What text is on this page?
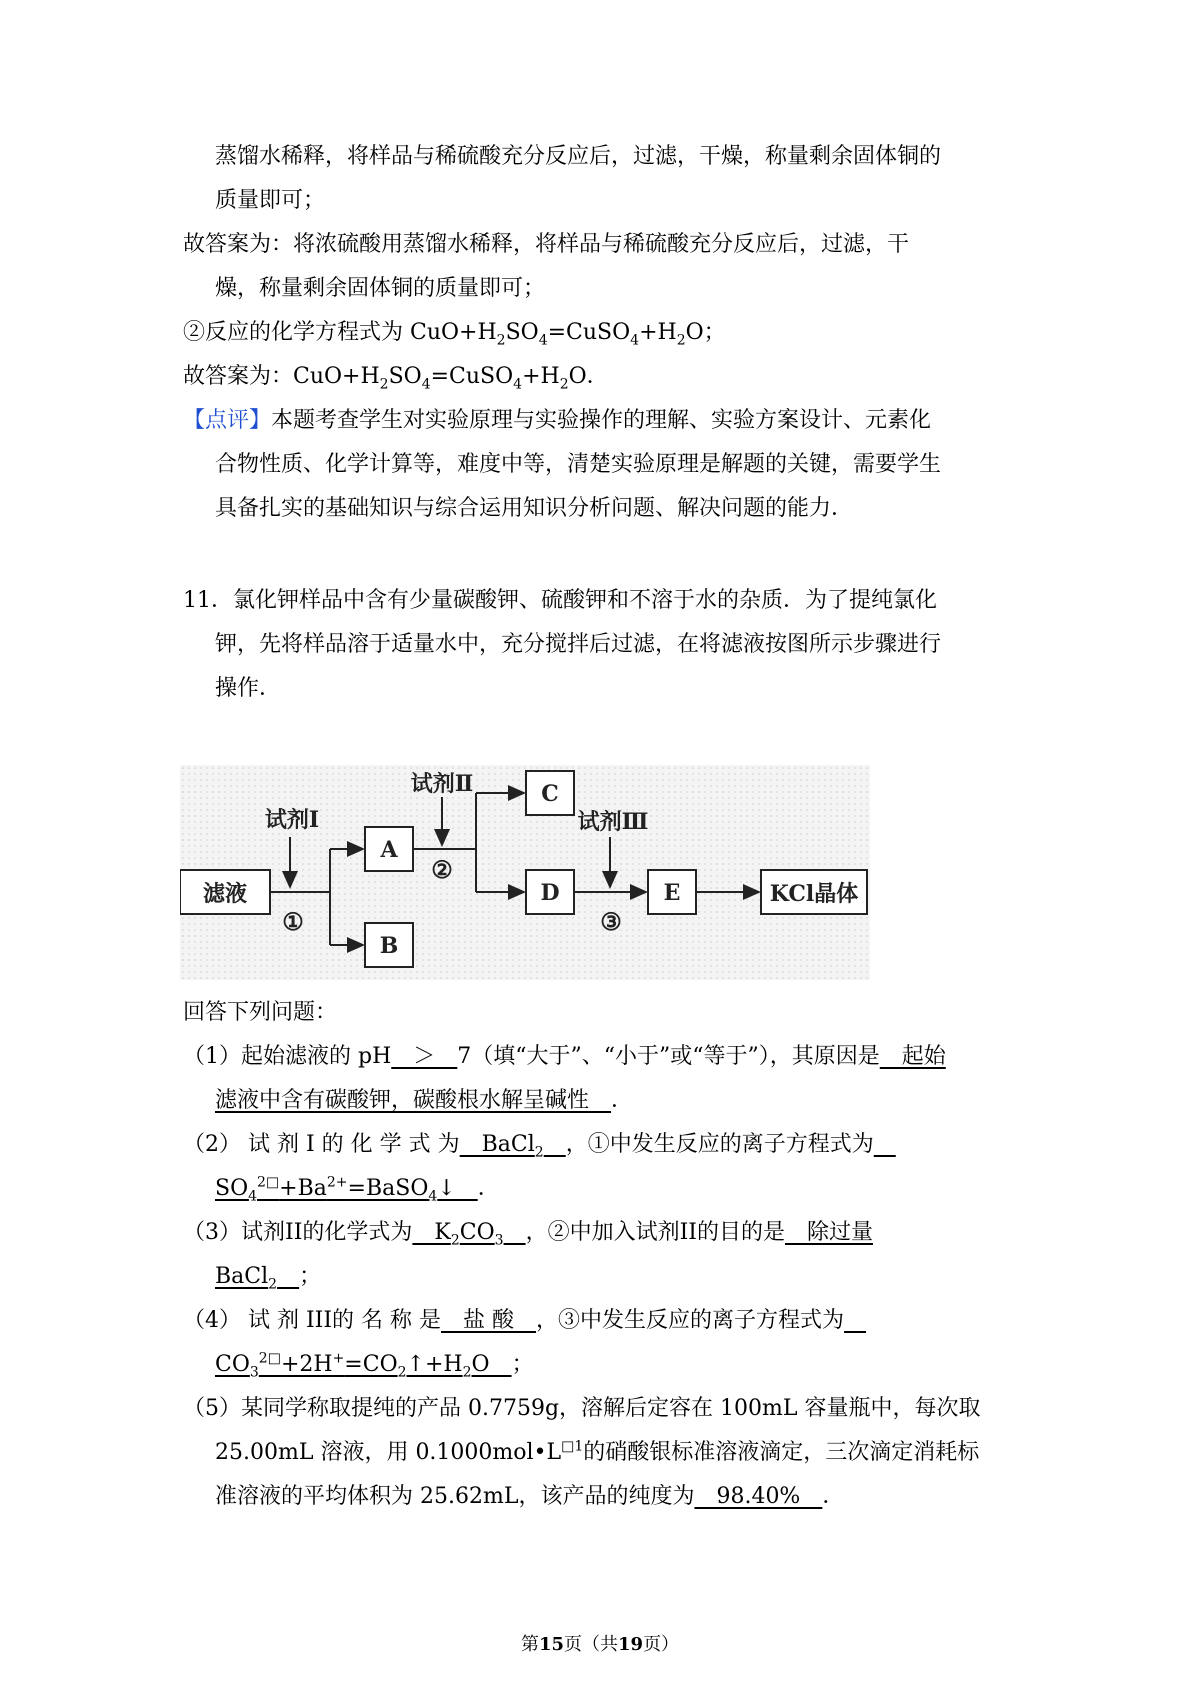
蒸馏水稀释，将样品与稀硫酸充分反应后，过滤，干燥，称量剩余固体铜的
质量即可；
故答案为：将浓硫酸用蒸馏水稀释，将样品与稀硫酸充分反应后，过滤，干
燥，称量剩余固体铜的质量即可；
②反应的化学方程式为 $CuO+H_2SO_4=CuSO_4+H_2O$；
故答案为：$CuO+H_2SO_4=CuSO_4+H_2O$．
【点评】本题考查学生对实验原理与实验操作的理解、实验方案设计、元素化
合物性质、化学计算等，难度中等，清楚实验原理是解题的关键，需要学生
具备扎实的基础知识与综合运用知识分析问题、解决问题的能力．
11．氯化钾样品中含有少量碳酸钾、硫酸钾和不溶于水的杂质．为了提纯氯化
钾，先将样品溶于适量水中，充分搅拌后过滤，在将滤液按图所示步骤进行
操作．
滤液
A
B
C
D	E	KCl晶体
试剂Ⅰ
试剂Ⅱ
试剂Ⅲ
①
②
③
回答下列问题：
（1）起始滤液的 pH　＞　7（填“大于”、“小于”或“等于”），其原因是　起始
滤液中含有碳酸钾，碳酸根水解呈碱性　．
（2） 试 剂 I 的 化 学 式 为　BaCl$_2$　 ，①中发生反应的离子方程式为　
$SO_4^{2□}+Ba^{2+}=BaSO_4↓$　．
（3）试剂II的化学式为　$K_2CO_3$　 ，②中加入试剂II的目的是　除过量
BaCl$_2$　 ；
（4） 试 剂 III的 名 称 是　盐 酸　，③中发生反应的离子方程式为　
$CO_3^{2□}+2H^+=CO_2↑+H_2O$　；
（5）某同学称取提纯的产品 0.7759g，溶解后定容在 100mL 容量瓶中，每次取
25.00mL 溶液，用 $0.1000mol•L^{□1}$的硝酸银标准溶液滴定，三次滴定消耗标
准溶液的平均体积为 25.62mL，该产品的纯度为　98.40%　．
第15页（共19页）
